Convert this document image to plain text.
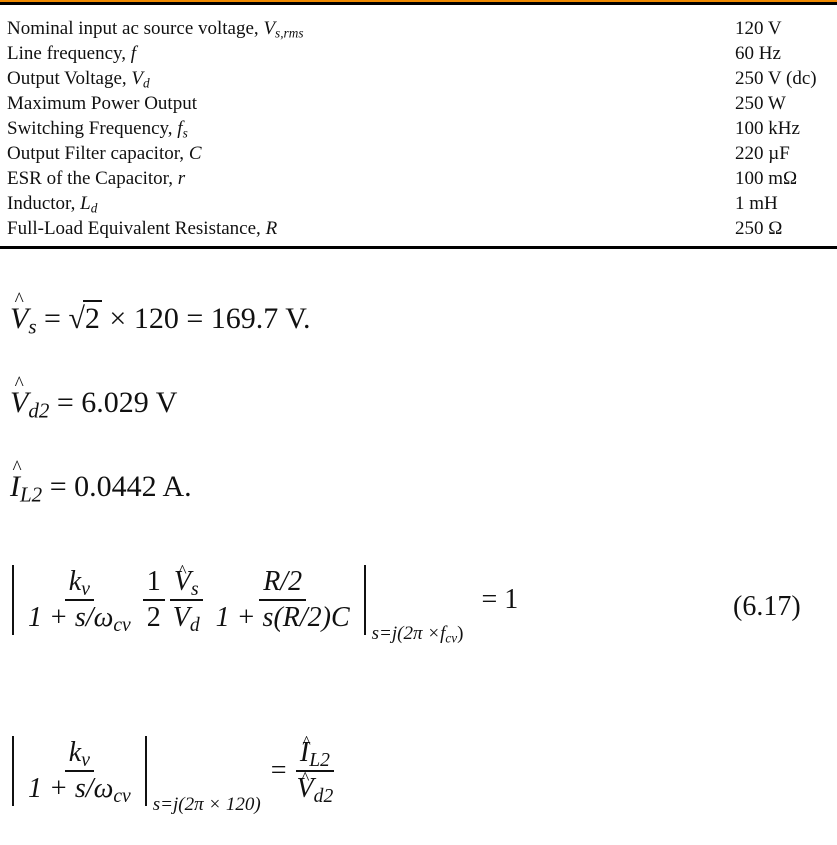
Nominal input ac source voltage, $V_{s,rms}$	120 V
Line frequency, f	60 Hz
Output Voltage, $V_d$	250 V (dc)
Maximum Power Output	250 W
Switching Frequency, $f_s$	100 kHz
Output Filter capacitor, C	220 µF
ESR of the Capacitor, r	100 mΩ
Inductor, $L_d$	1 mH
Full-Load Equivalent Resistance, R	250 Ω
^ $V_s = √2 \times 120 = 169.7$ V.
^ $V_{d2} = 6.029$ V
^ $I_{L2} = 0.0442$ A.
$\frac{k_v}{1 + s/\omega_{cv}} \frac{1}{2}$ ^ $\frac{V_s}{V_d} \frac{R/2}{1 + s(R/2)C} s=j(2\pi \times f_{cv})$
= 1	(6.17)
$\frac{k_v}{1 + s/\omega_{cv}} s=j(2\pi \times 120)$
= ^ $I_{L2}$
^ $V_{d2}$
